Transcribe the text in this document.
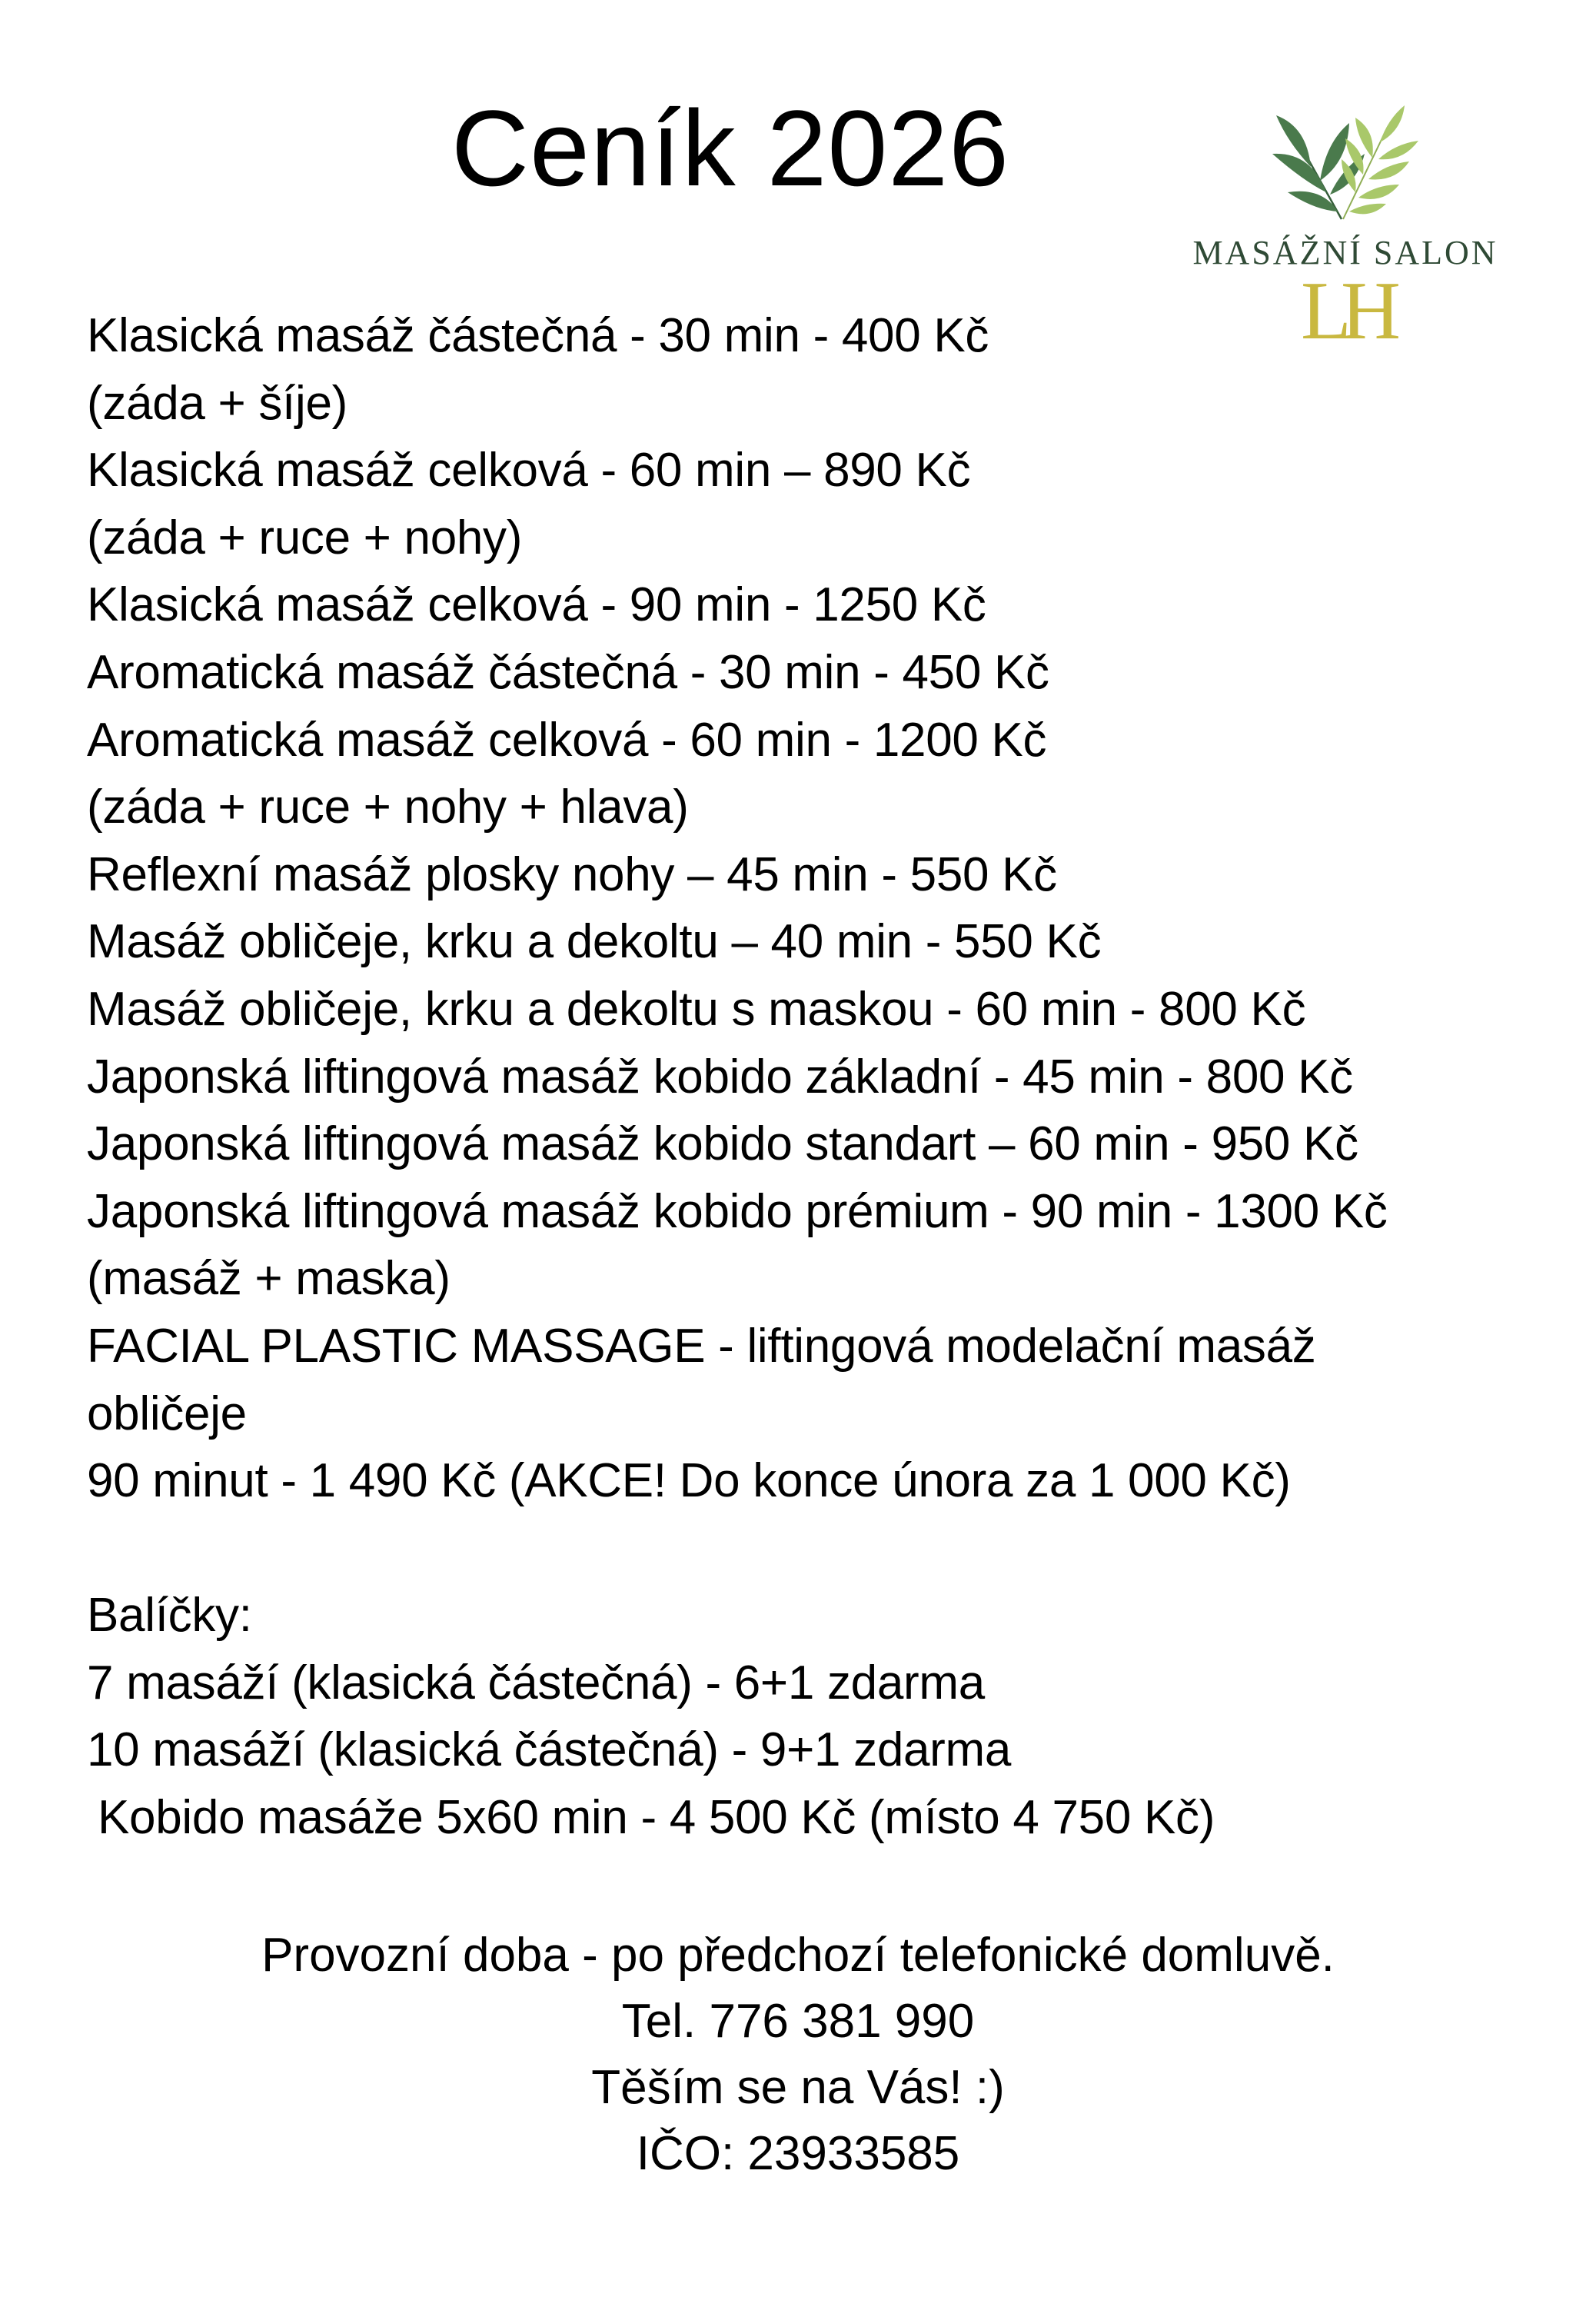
Ceník 2026
MASÁŽNÍ SALON
LH
Klasická masáž částečná - 30 min - 400 Kč
(záda + šíje)
Klasická masáž celková - 60 min – 890 Kč
(záda + ruce + nohy)
Klasická masáž celková - 90 min - 1250 Kč
Aromatická masáž částečná - 30 min - 450 Kč
Aromatická masáž celková - 60 min - 1200 Kč
(záda + ruce + nohy + hlava)
Reflexní masáž plosky nohy – 45 min - 550 Kč
Masáž obličeje, krku a dekoltu – 40 min - 550 Kč
Masáž obličeje, krku a dekoltu s maskou - 60 min - 800 Kč
Japonská liftingová masáž kobido základní - 45 min - 800 Kč
Japonská liftingová masáž kobido standart – 60 min - 950 Kč
Japonská liftingová masáž kobido prémium - 90 min - 1300 Kč
(masáž + maska)
FACIAL PLASTIC MASSAGE - liftingová modelační masáž
obličeje
90 minut - 1 490 Kč (AKCE! Do konce února za 1 000 Kč)
Balíčky:
7 masáží (klasická částečná) - 6+1 zdarma
10 masáží (klasická částečná) - 9+1 zdarma
Kobido masáže 5x60 min - 4 500 Kč (místo 4 750 Kč)
Provozní doba - po předchozí telefonické domluvě.
Tel. 776 381 990
Těším se na Vás! :)
IČO: 23933585
